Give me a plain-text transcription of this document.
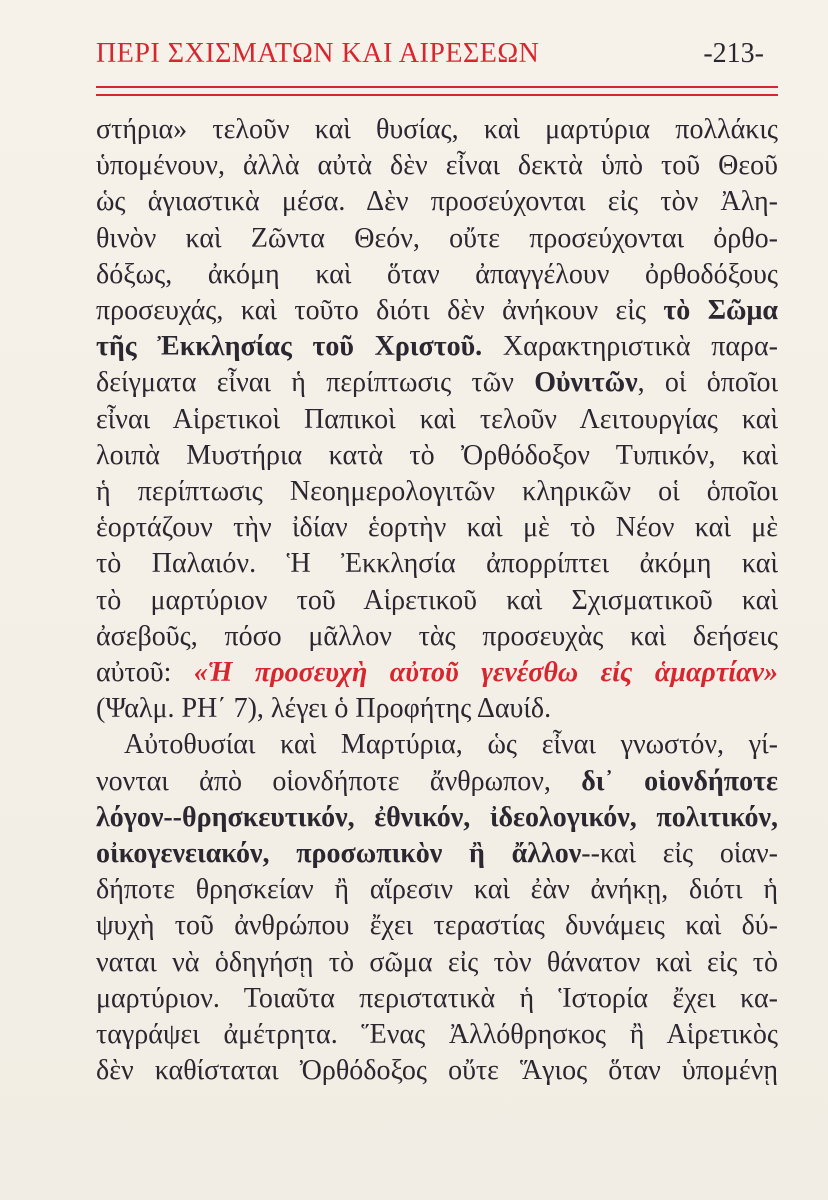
ΠΕΡΙ ΣΧΙΣΜΑΤΩΝ ΚΑΙ ΑΙΡΕΣΕΩΝ	-213-
στήρια» τελοῦν καὶ θυσίας, καὶ μαρτύρια πολλάκις
ὑπομένουν, ἀλλὰ αὐτὰ δὲν εἶναι δεκτὰ ὑπὸ τοῦ Θεοῦ
ὡς ἁγιαστικὰ μέσα. Δὲν προσεύχονται εἰς τὸν Ἀλη-
θινὸν καὶ Ζῶντα Θεόν, οὔτε προσεύχονται ὀρθο-
δόξως, ἀκόμη καὶ ὅταν ἀπαγγέλουν ὀρθοδόξους
προσευχάς, καὶ τοῦτο διότι δὲν ἀνήκουν εἰς τὸ Σῶμα
τῆς Ἐκκλησίας τοῦ Χριστοῦ. Χαρακτηριστικὰ παρα-
δείγματα εἶναι ἡ περίπτωσις τῶν Οὐνιτῶν, οἱ ὁποῖοι
εἶναι Αἱρετικοὶ Παπικοὶ καὶ τελοῦν Λειτουργίας καὶ
λοιπὰ Μυστήρια κατὰ τὸ Ὀρθόδοξον Τυπικόν, καὶ
ἡ περίπτωσις Νεοημερολογιτῶν κληρικῶν οἱ ὁποῖοι
ἑορτάζουν τὴν ἰδίαν ἑορτὴν καὶ μὲ τὸ Νέον καὶ μὲ
τὸ Παλαιόν. Ἡ Ἐκκλησία ἀπορρίπτει ἀκόμη καὶ
τὸ μαρτύριον τοῦ Αἱρετικοῦ καὶ Σχισματικοῦ καὶ
ἀσεβοῦς, πόσο μᾶλλον τὰς προσευχὰς καὶ δεήσεις
αὐτοῦ: «Ἡ προσευχὴ αὐτοῦ γενέσθω εἰς ἁμαρτίαν»
(Ψαλμ. ΡΗ΄ 7), λέγει ὁ Προφήτης Δαυίδ.
Αὐτοθυσίαι καὶ Μαρτύρια, ὡς εἶναι γνωστόν, γί-
νονται ἀπὸ οἱονδήποτε ἄνθρωπον, δι᾿ οἱονδήποτε
λόγον--θρησκευτικόν, ἐθνικόν, ἰδεολογικόν, πολιτικόν,
οἰκογενειακόν, προσωπικὸν ἢ ἄλλον--καὶ εἰς οἱαν-
δήποτε θρησκείαν ἢ αἵρεσιν καὶ ἐὰν ἀνήκῃ, διότι ἡ
ψυχὴ τοῦ ἀνθρώπου ἔχει τεραστίας δυνάμεις καὶ δύ-
ναται νὰ ὁδηγήσῃ τὸ σῶμα εἰς τὸν θάνατον καὶ εἰς τὸ
μαρτύριον. Τοιαῦτα περιστατικὰ ἡ Ἱστορία ἔχει κα-
ταγράψει ἀμέτρητα. Ἕνας Ἀλλόθρησκος ἢ Αἱρετικὸς
δὲν καθίσταται Ὀρθόδοξος οὔτε Ἅγιος ὅταν ὑπομένῃ
